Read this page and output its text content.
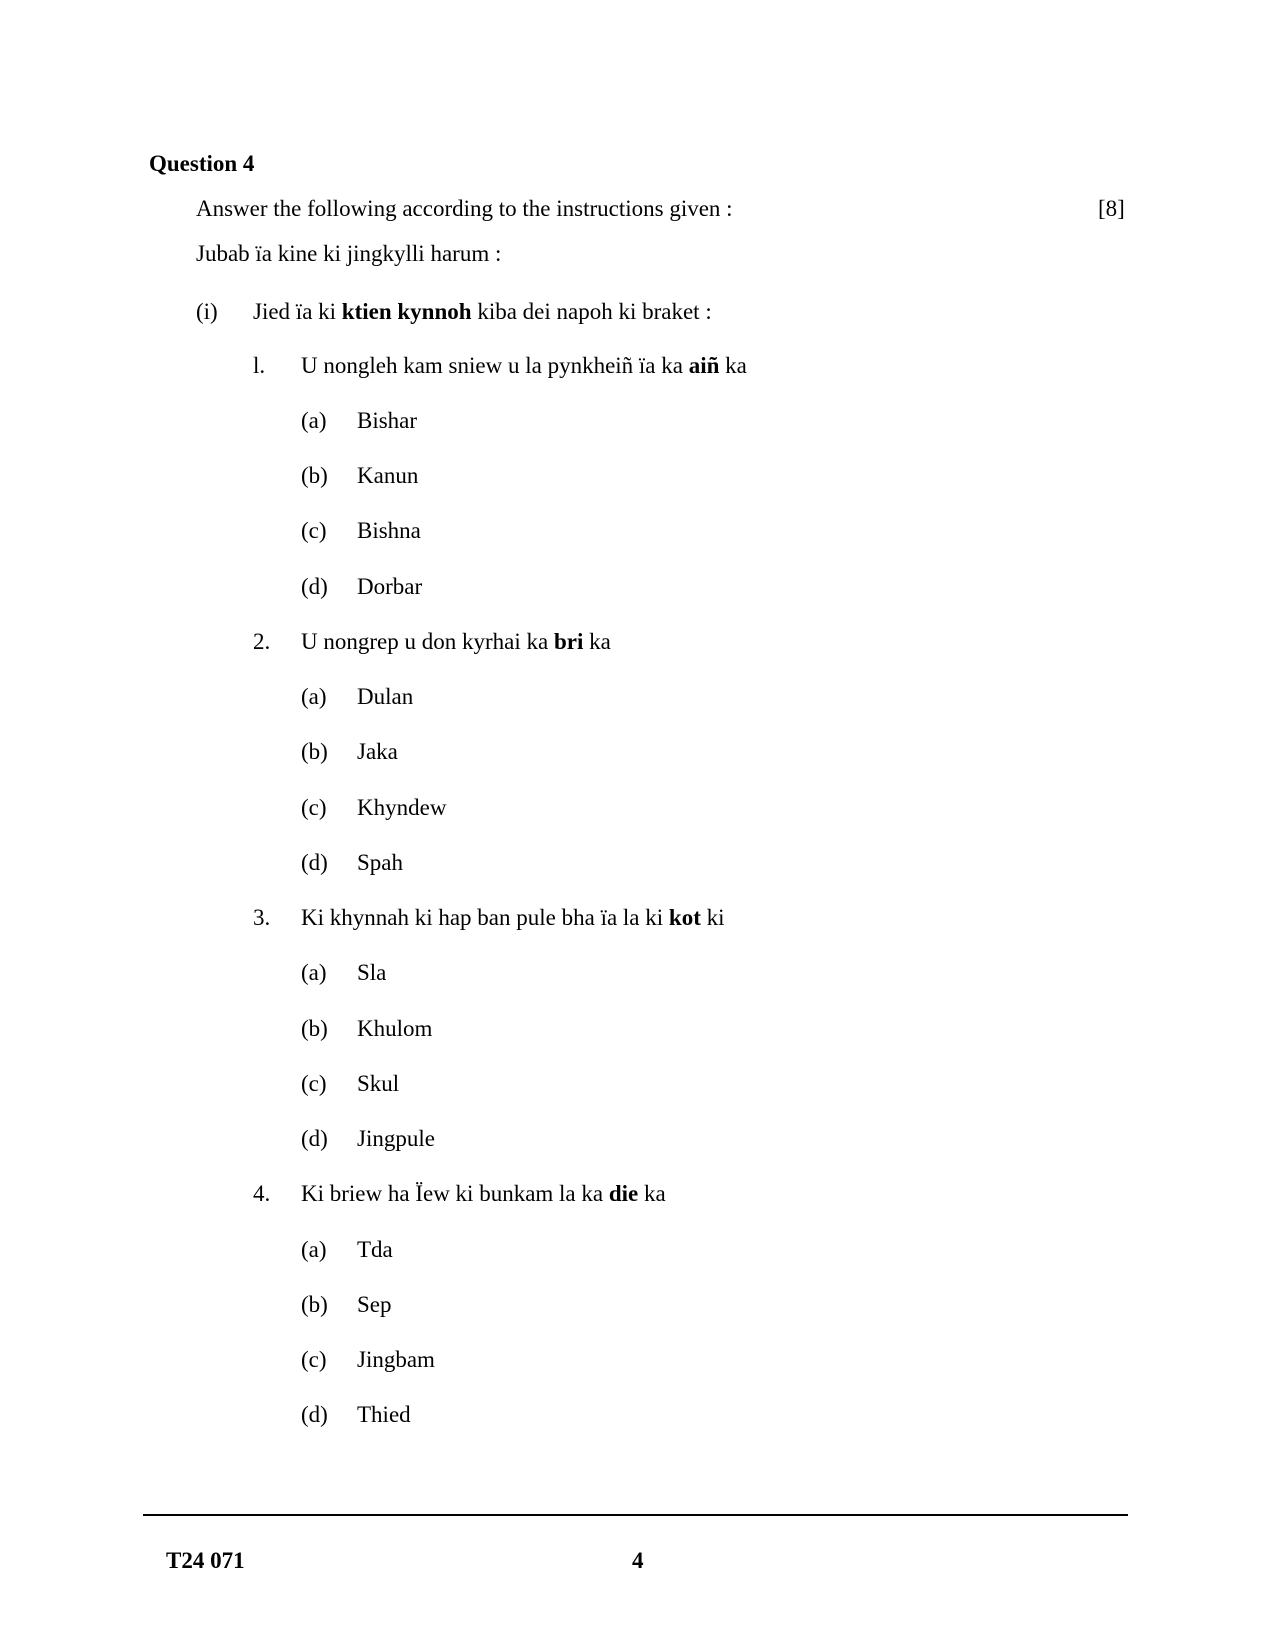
Question 4
Answer the following according to the instructions given :	[8]
Jubab ïa kine ki jingkylli harum :
(i) Jied ïa ki ktien kynnoh kiba dei napoh ki braket :
l. U nongleh kam sniew u la pynkheiñ ïa ka aiñ ka
(a) Bishar
(b) Kanun
(c) Bishna
(d) Dorbar
2. U nongrep u don kyrhai ka bri ka
(a) Dulan
(b) Jaka
(c) Khyndew
(d) Spah
3. Ki khynnah ki hap ban pule bha ïa la ki kot ki
(a) Sla
(b) Khulom
(c) Skul
(d) Jingpule
4. Ki briew ha Ïew ki bunkam la ka die ka
(a) Tda
(b) Sep
(c) Jingbam
(d) Thied
T24 071	4
